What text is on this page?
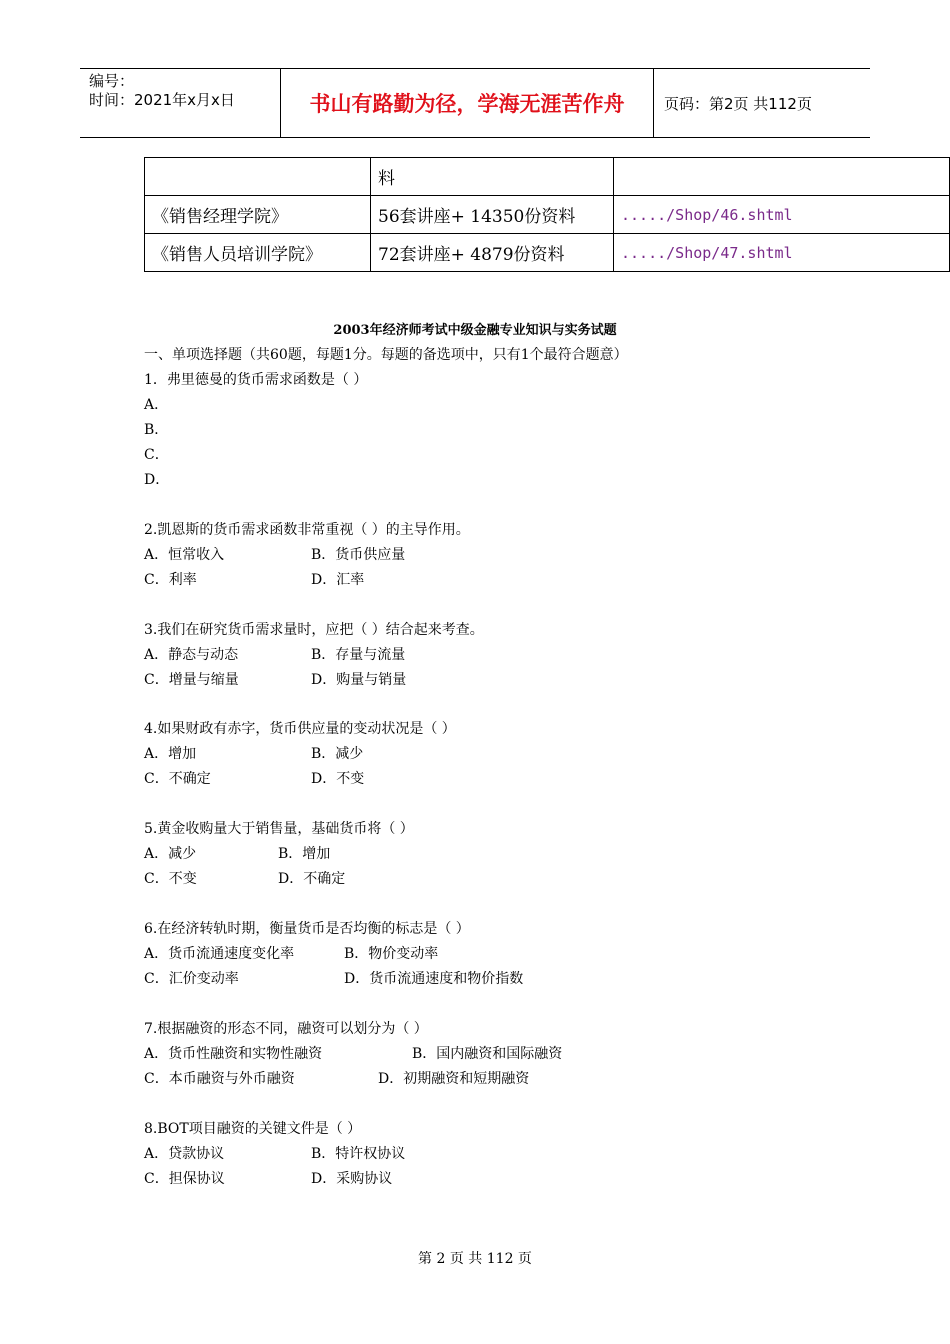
编号：
时间：2021年x月x日	书山有路勤为径，学海无涯苦作舟	页码：第2页 共112页
	料	
《销售经理学院》	56套讲座+ 14350份资料	...../Shop/46.shtml
《销售人员培训学院》	72套讲座+ 4879份资料	...../Shop/47.shtml
2003年经济师考试中级金融专业知识与实务试题
一、单项选择题（共60题，每题1分。每题的备选项中，只有1个最符合题意）
1．弗里德曼的货币需求函数是（ ）
A．
B．
C．
D．
2.凯恩斯的货币需求函数非常重视（ ）的主导作用。
A．恒常收入	B．货币供应量
C．利率	D．汇率
3.我们在研究货币需求量时，应把（ ）结合起来考查。
A．静态与动态	B．存量与流量
C．增量与缩量	D．购量与销量
4.如果财政有赤字，货币供应量的变动状况是（ ）
A．增加	B．减少
C．不确定	D．不变
5.黄金收购量大于销售量，基础货币将（ ）
A．减少	B．增加
C．不变	D．不确定
6.在经济转轨时期，衡量货币是否均衡的标志是（ ）
A．货币流通速度变化率	B．物价变动率
C．汇价变动率	D．货币流通速度和物价指数
7.根据融资的形态不同，融资可以划分为（ ）
A．货币性融资和实物性融资	B．国内融资和国际融资
C．本币融资与外币融资	D．初期融资和短期融资
8.BOT项目融资的关键文件是（ ）
A．贷款协议	B．特许权协议
C．担保协议	D．采购协议
第 2 页 共 112 页
